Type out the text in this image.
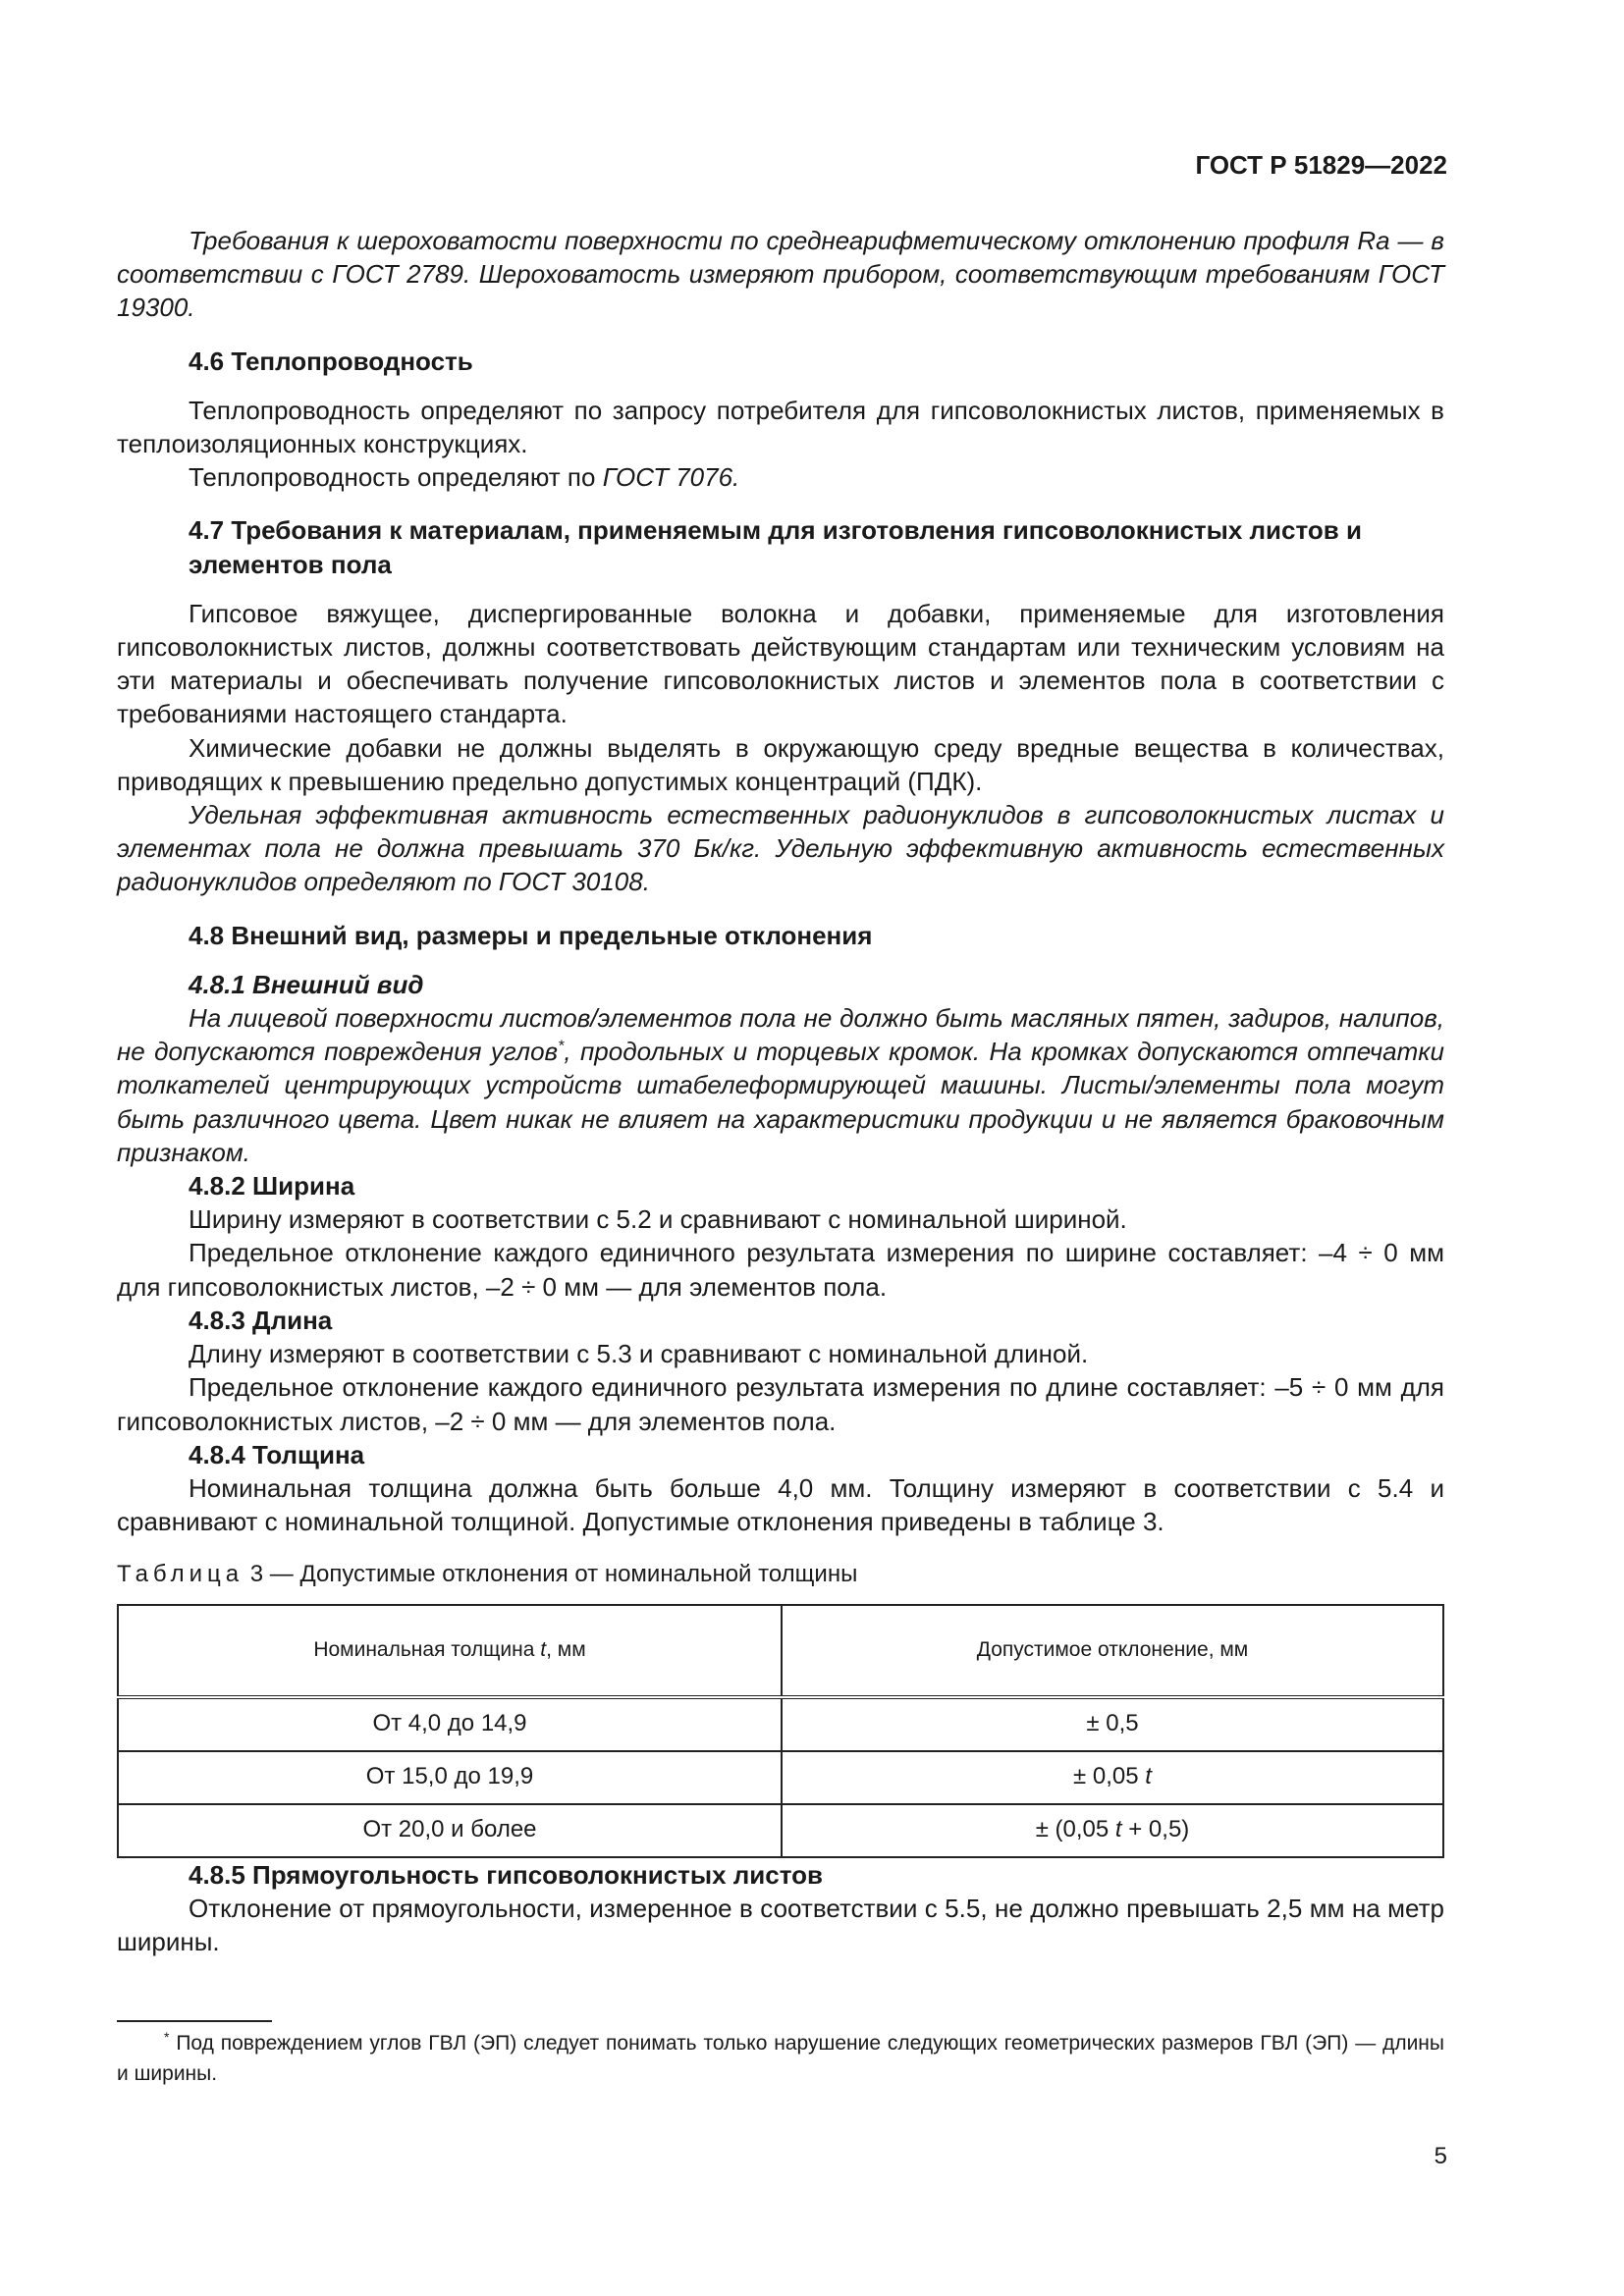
ГОСТ Р 51829—2022

Требования к шероховатости поверхности по среднеарифметическому отклонению профиля Ra — в соответствии с ГОСТ 2789. Шероховатость измеряют прибором, соответствующим требованиям ГОСТ 19300.

4.6 Теплопроводность

Теплопроводность определяют по запросу потребителя для гипсоволокнистых листов, применяемых в теплоизоляционных конструкциях.

Теплопроводность определяют по ГОСТ 7076.

4.7 Требования к материалам, применяемым для изготовления гипсоволокнистых листов и элементов пола

Гипсовое вяжущее, диспергированные волокна и добавки, применяемые для изготовления гипсоволокнистых листов, должны соответствовать действующим стандартам или техническим условиям на эти материалы и обеспечивать получение гипсоволокнистых листов и элементов пола в соответствии с требованиями настоящего стандарта.

Химические добавки не должны выделять в окружающую среду вредные вещества в количествах, приводящих к превышению предельно допустимых концентраций (ПДК).

Удельная эффективная активность естественных радионуклидов в гипсоволокнистых листах и элементах пола не должна превышать 370 Бк/кг. Удельную эффективную активность естественных радионуклидов определяют по ГОСТ 30108.

4.8 Внешний вид, размеры и предельные отклонения
4.8.1 Внешний вид

На лицевой поверхности листов/элементов пола не должно быть масляных пятен, задиров, налипов, не допускаются повреждения углов*, продольных и торцевых кромок. На кромках допускаются отпечатки толкателей центрирующих устройств штабелеформирующей машины. Листы/элементы пола могут быть различного цвета. Цвет никак не влияет на характеристики продукции и не является браковочным признаком.

4.8.2 Ширина

Ширину измеряют в соответствии с 5.2 и сравнивают с номинальной шириной.

Предельное отклонение каждого единичного результата измерения по ширине составляет: –4 ÷ 0 мм для гипсоволокнистых листов, –2 ÷ 0 мм — для элементов пола.

4.8.3 Длина

Длину измеряют в соответствии с 5.3 и сравнивают с номинальной длиной.

Предельное отклонение каждого единичного результата измерения по длине составляет: –5 ÷ 0 мм для гипсоволокнистых листов, –2 ÷ 0 мм — для элементов пола.

4.8.4 Толщина

Номинальная толщина должна быть больше 4,0 мм. Толщину измеряют в соответствии с 5.4 и сравнивают с номинальной толщиной. Допустимые отклонения приведены в таблице 3.

Таблица 3 — Допустимые отклонения от номинальной толщины

Номинальная толщина t, мм	Допустимое отклонение, мм
От 4,0 до 14,9	± 0,5
От 15,0 до 19,9	± 0,05 t
От 20,0 и более	± (0,05 t + 0,5)
4.8.5 Прямоугольность гипсоволокнистых листов

Отклонение от прямоугольности, измеренное в соответствии с 5.5, не должно превышать 2,5 мм на метр ширины.

* Под повреждением углов ГВЛ (ЭП) следует понимать только нарушение следующих геометрических размеров ГВЛ (ЭП) — длины и ширины.
5
